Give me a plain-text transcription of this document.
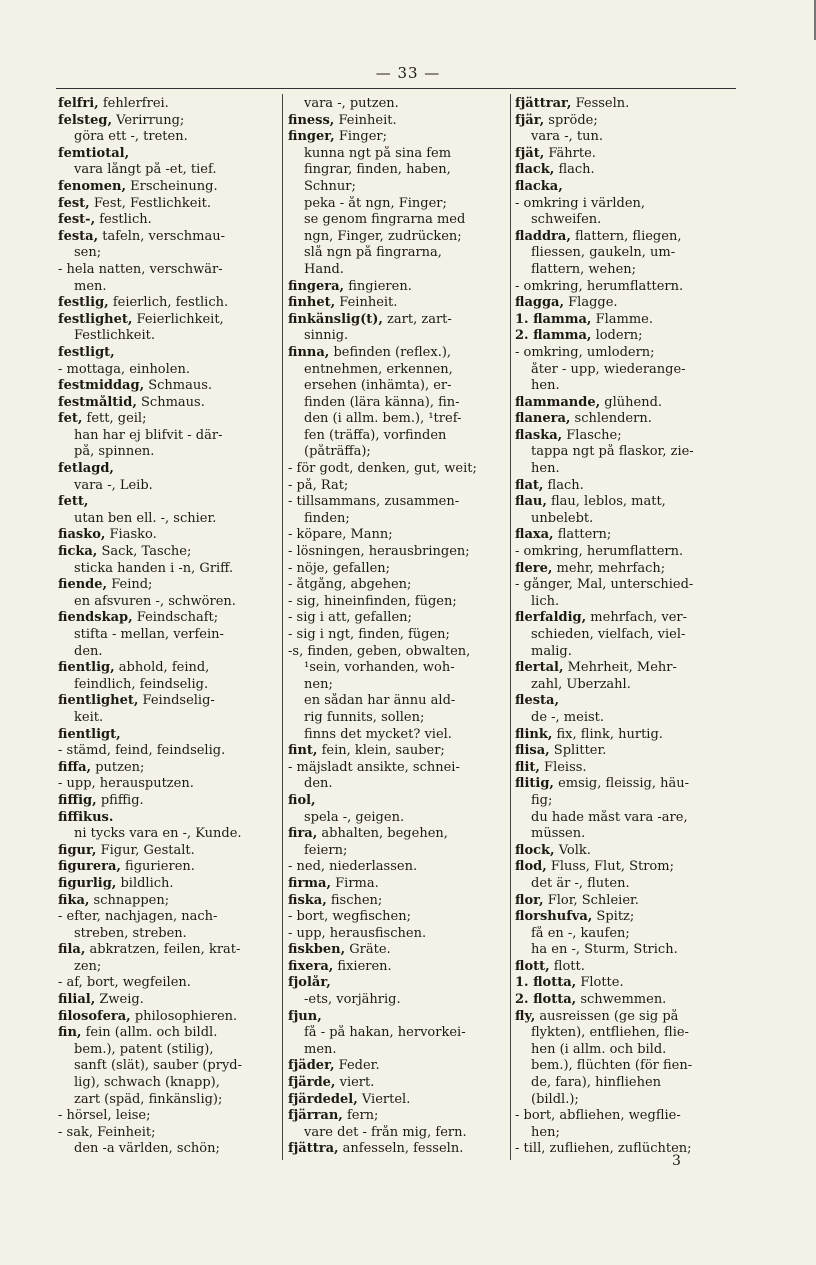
— 33 —
felfri, fehlerfrei.
felsteg, Verirrung;
göra ett -, treten.
femtiotal,
vara långt på -et, tief.
fenomen, Erscheinung.
fest, Fest, Festlichkeit.
fest-, festlich.
festa, tafeln, verschmau-
sen;
- hela natten, verschwär-
men.
festlig, feierlich, festlich.
festlighet, Feierlichkeit,
Festlichkeit.
festligt,
- mottaga, einholen.
festmiddag, Schmaus.
festmåltid, Schmaus.
fet, fett, geil;
han har ej blifvit - där-
på, spinnen.
fetlagd,
vara -, Leib.
fett,
utan ben ell. -, schier.
fiasko, Fiasko.
ficka, Sack, Tasche;
sticka handen i -n, Griff.
fiende, Feind;
en afsvuren -, schwören.
fiendskap, Feindschaft;
stifta - mellan, verfein-
den.
fientlig, abhold, feind,
feindlich, feindselig.
fientlighet, Feindselig-
keit.
fientligt,
- stämd, feind, feindselig.
fiffa, putzen;
- upp, herausputzen.
fiffig, pfiffig.
fiffikus.
ni tycks vara en -, Kunde.
figur, Figur, Gestalt.
figurera, figurieren.
figurlig, bildlich.
fika, schnappen;
- efter, nachjagen, nach-
streben, streben.
fila, abkratzen, feilen, krat-
zen;
- af, bort, wegfeilen.
filial, Zweig.
filosofera, philosophieren.
fin, fein (allm. och bildl.
bem.), patent (stilig),
sanft (slät), sauber (pryd-
lig), schwach (knapp),
zart (späd, finkänslig);
- hörsel, leise;
- sak, Feinheit;
den -a världen, schön;
vara -, putzen.
finess, Feinheit.
finger, Finger;
kunna ngt på sina fem
fingrar, finden, haben,
Schnur;
peka - åt ngn, Finger;
se genom fingrarna med
ngn, Finger, zudrücken;
slå ngn på fingrarna,
Hand.
fingera, fingieren.
finhet, Feinheit.
finkänslig(t), zart, zart-
sinnig.
finna, befinden (reflex.),
entnehmen, erkennen,
ersehen (inhämta), er-
finden (lära känna), fin-
den (i allm. bem.), ¹tref-
fen (träffa), vorfinden
(påträffa);
- för godt, denken, gut, weit;
- på, Rat;
- tillsammans, zusammen-
finden;
- köpare, Mann;
- lösningen, herausbringen;
- nöje, gefallen;
- åtgång, abgehen;
- sig, hineinfinden, fügen;
- sig i att, gefallen;
- sig i ngt, finden, fügen;
-s, finden, geben, obwalten,
¹sein, vorhanden, woh-
nen;
en sådan har ännu ald-
rig funnits, sollen;
finns det mycket? viel.
fint, fein, klein, sauber;
- mäjsladt ansikte, schnei-
den.
fiol,
spela -, geigen.
fira, abhalten, begehen,
feiern;
- ned, niederlassen.
firma, Firma.
fiska, fischen;
- bort, wegfischen;
- upp, herausfischen.
fiskben, Gräte.
fixera, fixieren.
fjolår,
-ets, vorjährig.
fjun,
få - på hakan, hervorkei-
men.
fjäder, Feder.
fjärde, viert.
fjärdedel, Viertel.
fjärran, fern;
vare det - från mig, fern.
fjättra, anfesseln, fesseln.
fjättrar, Fesseln.
fjär, spröde;
vara -, tun.
fjät, Fährte.
flack, flach.
flacka,
- omkring i världen,
schweifen.
fladdra, flattern, fliegen,
fliessen, gaukeln, um-
flattern, wehen;
- omkring, herumflattern.
flagga, Flagge.
1. flamma, Flamme.
2. flamma, lodern;
- omkring, umlodern;
åter - upp, wiederange-
hen.
flammande, glühend.
flanera, schlendern.
flaska, Flasche;
tappa ngt på flaskor, zie-
hen.
flat, flach.
flau, flau, leblos, matt,
unbelebt.
flaxa, flattern;
- omkring, herumflattern.
flere, mehr, mehrfach;
- gånger, Mal, unterschied-
lich.
flerfaldig, mehrfach, ver-
schieden, vielfach, viel-
malig.
flertal, Mehrheit, Mehr-
zahl, Überzahl.
flesta,
de -, meist.
flink, fix, flink, hurtig.
flisa, Splitter.
flit, Fleiss.
flitig, emsig, fleissig, häu-
fig;
du hade måst vara -are,
müssen.
flock, Volk.
flod, Fluss, Flut, Strom;
det är -, fluten.
flor, Flor, Schleier.
florshufva, Spitz;
få en -, kaufen;
ha en -, Sturm, Strich.
flott, flott.
1. flotta, Flotte.
2. flotta, schwemmen.
fly, ausreissen (ge sig på
flykten), entfliehen, flie-
hen (i allm. och bild.
bem.), flüchten (för fien-
de, fara), hinfliehen
(bildl.);
- bort, abfliehen, wegflie-
hen;
- till, zufliehen, zuflüchten;
3
